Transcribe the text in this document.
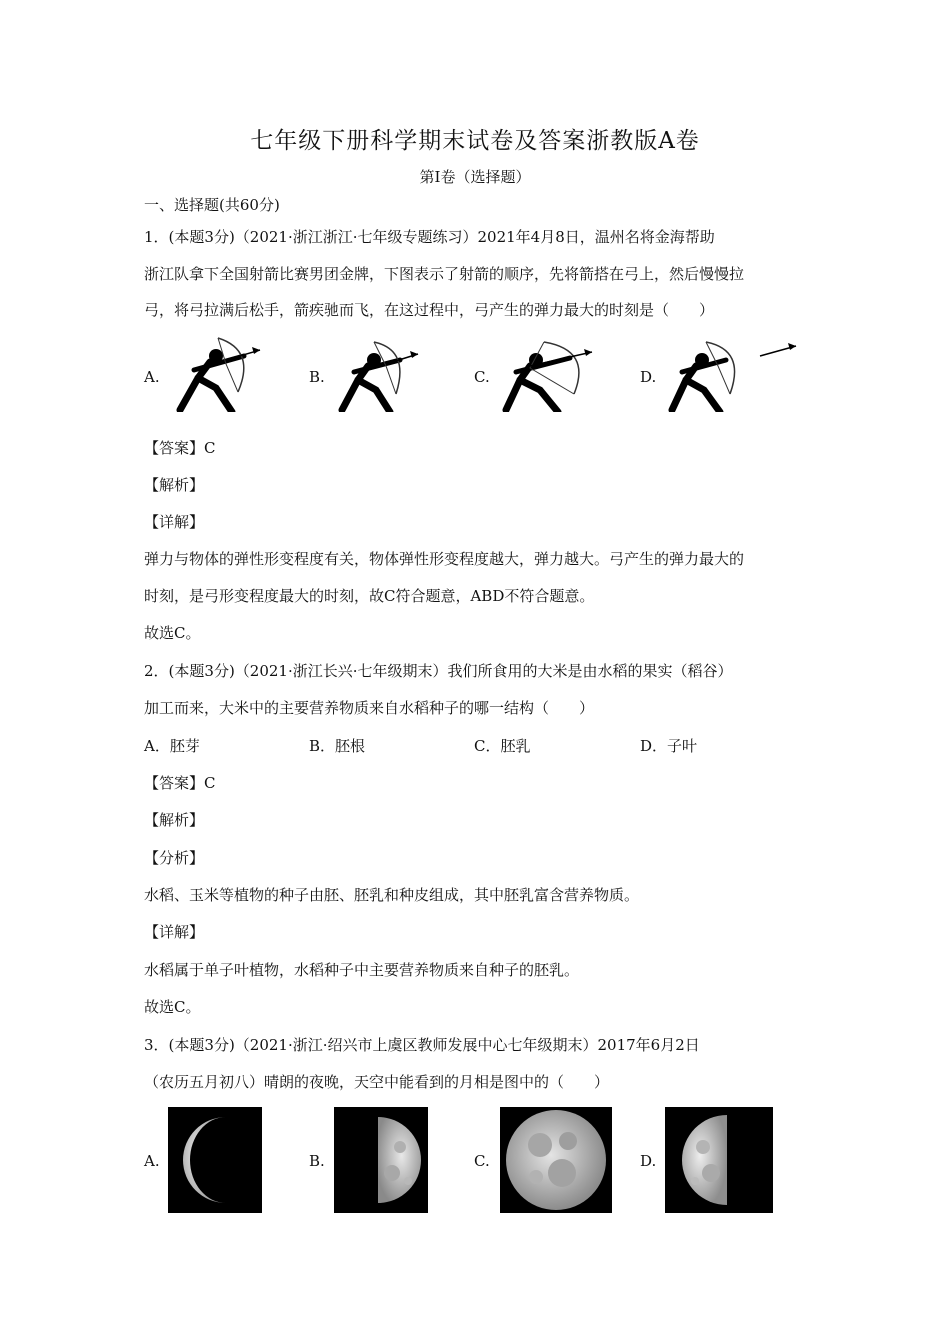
七年级下册科学期末试卷及答案浙教版A卷
第I卷（选择题）
一、选择题(共60分)
1．(本题3分)（2021·浙江浙江·七年级专题练习）2021年4月8日，温州名将金海帮助
浙江队拿下全国射箭比赛男团金牌，下图表示了射箭的顺序，先将箭搭在弓上，然后慢慢拉
弓，将弓拉满后松手，箭疾驰而飞，在这过程中，弓产生的弹力最大的时刻是（　　）
A.	B.	C.	D.
【答案】C
【解析】
【详解】
弹力与物体的弹性形变程度有关，物体弹性形变程度越大，弹力越大。弓产生的弹力最大的
时刻，是弓形变程度最大的时刻，故C符合题意，ABD不符合题意。
故选C。
2．(本题3分)（2021·浙江长兴·七年级期末）我们所食用的大米是由水稻的果实（稻谷）
加工而来，大米中的主要营养物质来自水稻种子的哪一结构（　　）
A．胚芽	B．胚根	C．胚乳	D．子叶
【答案】C
【解析】
【分析】
水稻、玉米等植物的种子由胚、胚乳和种皮组成，其中胚乳富含营养物质。
【详解】
水稻属于单子叶植物，水稻种子中主要营养物质来自种子的胚乳。
故选C。
3．(本题3分)（2021·浙江·绍兴市上虞区教师发展中心七年级期末）2017年6月2日
（农历五月初八）晴朗的夜晚，天空中能看到的月相是图中的（　　）
A.	B.	C.	D.
